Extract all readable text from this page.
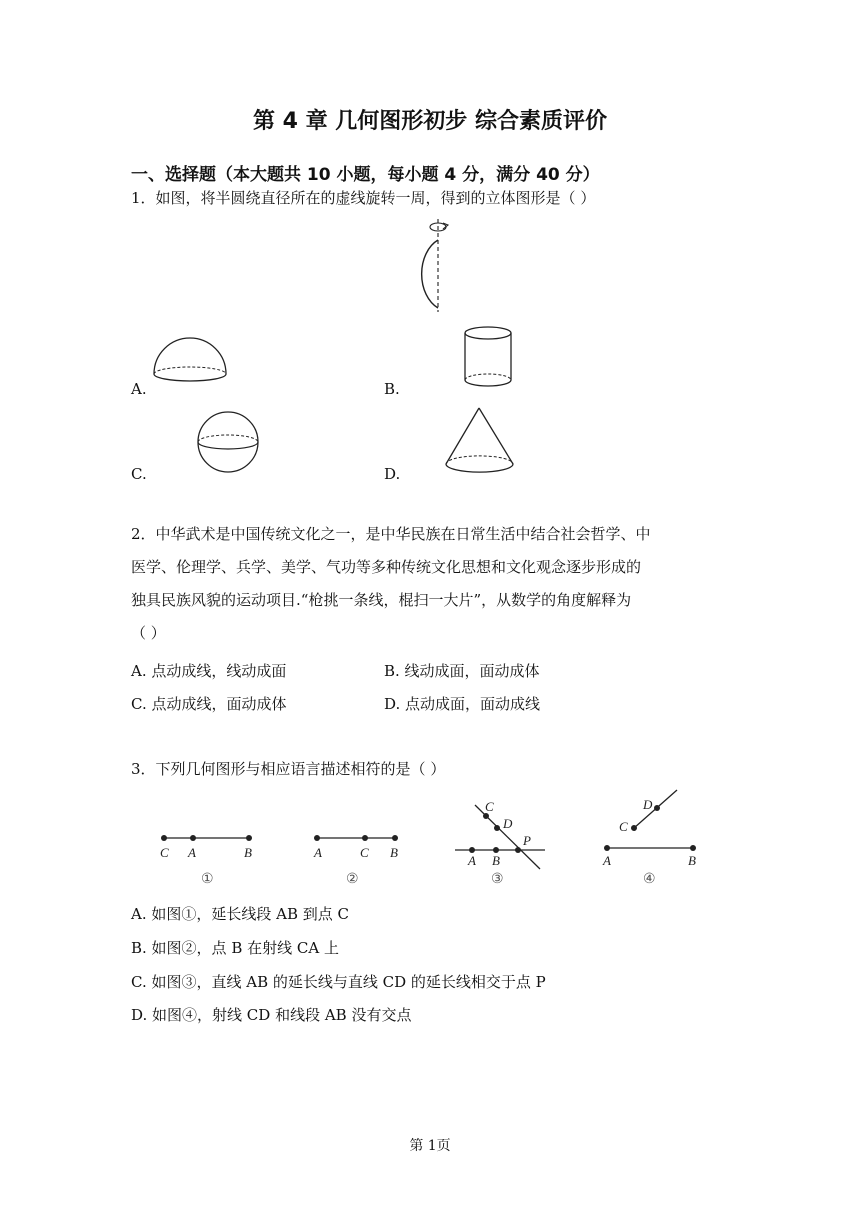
第 4 章 几何图形初步 综合素质评价
一、选择题（本大题共 10 小题，每小题 4 分，满分 40 分）
1．如图，将半圆绕直径所在的虚线旋转一周，得到的立体图形是（ ）
A.	B.
C.	D.
2．中华武术是中国传统文化之一，是中华民族在日常生活中结合社会哲学、中
医学、伦理学、兵学、美学、气功等多种传统文化思想和文化观念逐步形成的
独具民族风貌的运动项目.“枪挑一条线，棍扫一大片”，从数学的角度解释为
（ ）
A. 点动成线，线动成面	B. 线动成面，面动成体
C. 点动成线，面动成体	D. 点动成面，面动成线
3．下列几何图形与相应语言描述相符的是（ ）
C A	B
①
A	C B
②
C
D
P
A B
③
D
C
A	B
④
A. 如图①，延长线段 AB 到点 C
B. 如图②，点 B 在射线 CA 上
C. 如图③，直线 AB 的延长线与直线 CD 的延长线相交于点 P
D. 如图④，射线 CD 和线段 AB 没有交点
第 1页
